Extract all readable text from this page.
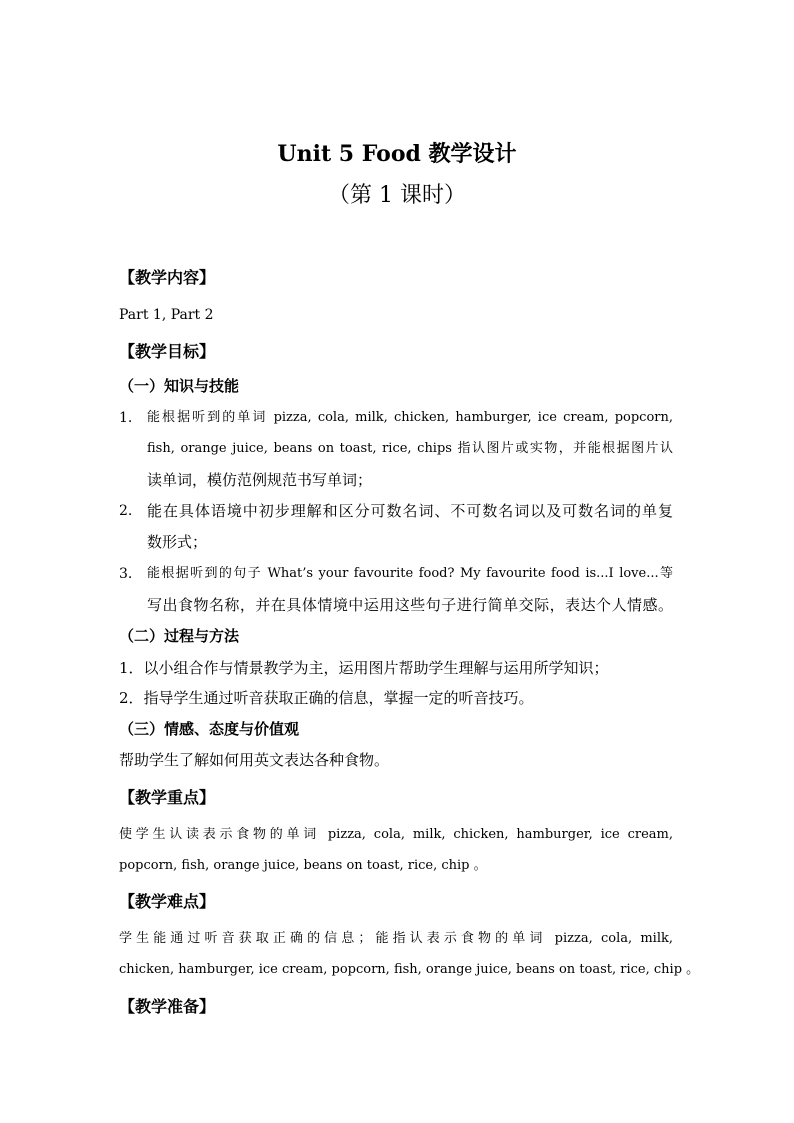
Unit 5 Food 教学设计
（第 1 课时）
【教学内容】
Part 1, Part 2
【教学目标】
（一）知识与技能
1. 能根据听到的单词 pizza, cola, milk, chicken, hamburger, ice cream, popcorn,
fish, orange juice, beans on toast, rice, chips 指认图片或实物，并能根据图片认
读单词，模仿范例规范书写单词；
2. 能在具体语境中初步理解和区分可数名词、不可数名词以及可数名词的单复
数形式；
3. 能根据听到的句子 What’s your favourite food? My favourite food is...I love...等
写出食物名称，并在具体情境中运用这些句子进行简单交际，表达个人情感。
（二）过程与方法
1．以小组合作与情景教学为主，运用图片帮助学生理解与运用所学知识；
2．指导学生通过听音获取正确的信息，掌握一定的听音技巧。
（三）情感、态度与价值观
帮助学生了解如何用英文表达各种食物。
【教学重点】
使学生认读表示食物的单词 pizza, cola, milk, chicken, hamburger, ice cream,
popcorn, fish, orange juice, beans on toast, rice, chip 。
【教学难点】
学生能通过听音获取正确的信息；能指认表示食物的单词 pizza, cola, milk,
chicken, hamburger, ice cream, popcorn, fish, orange juice, beans on toast, rice, chip 。
【教学准备】
